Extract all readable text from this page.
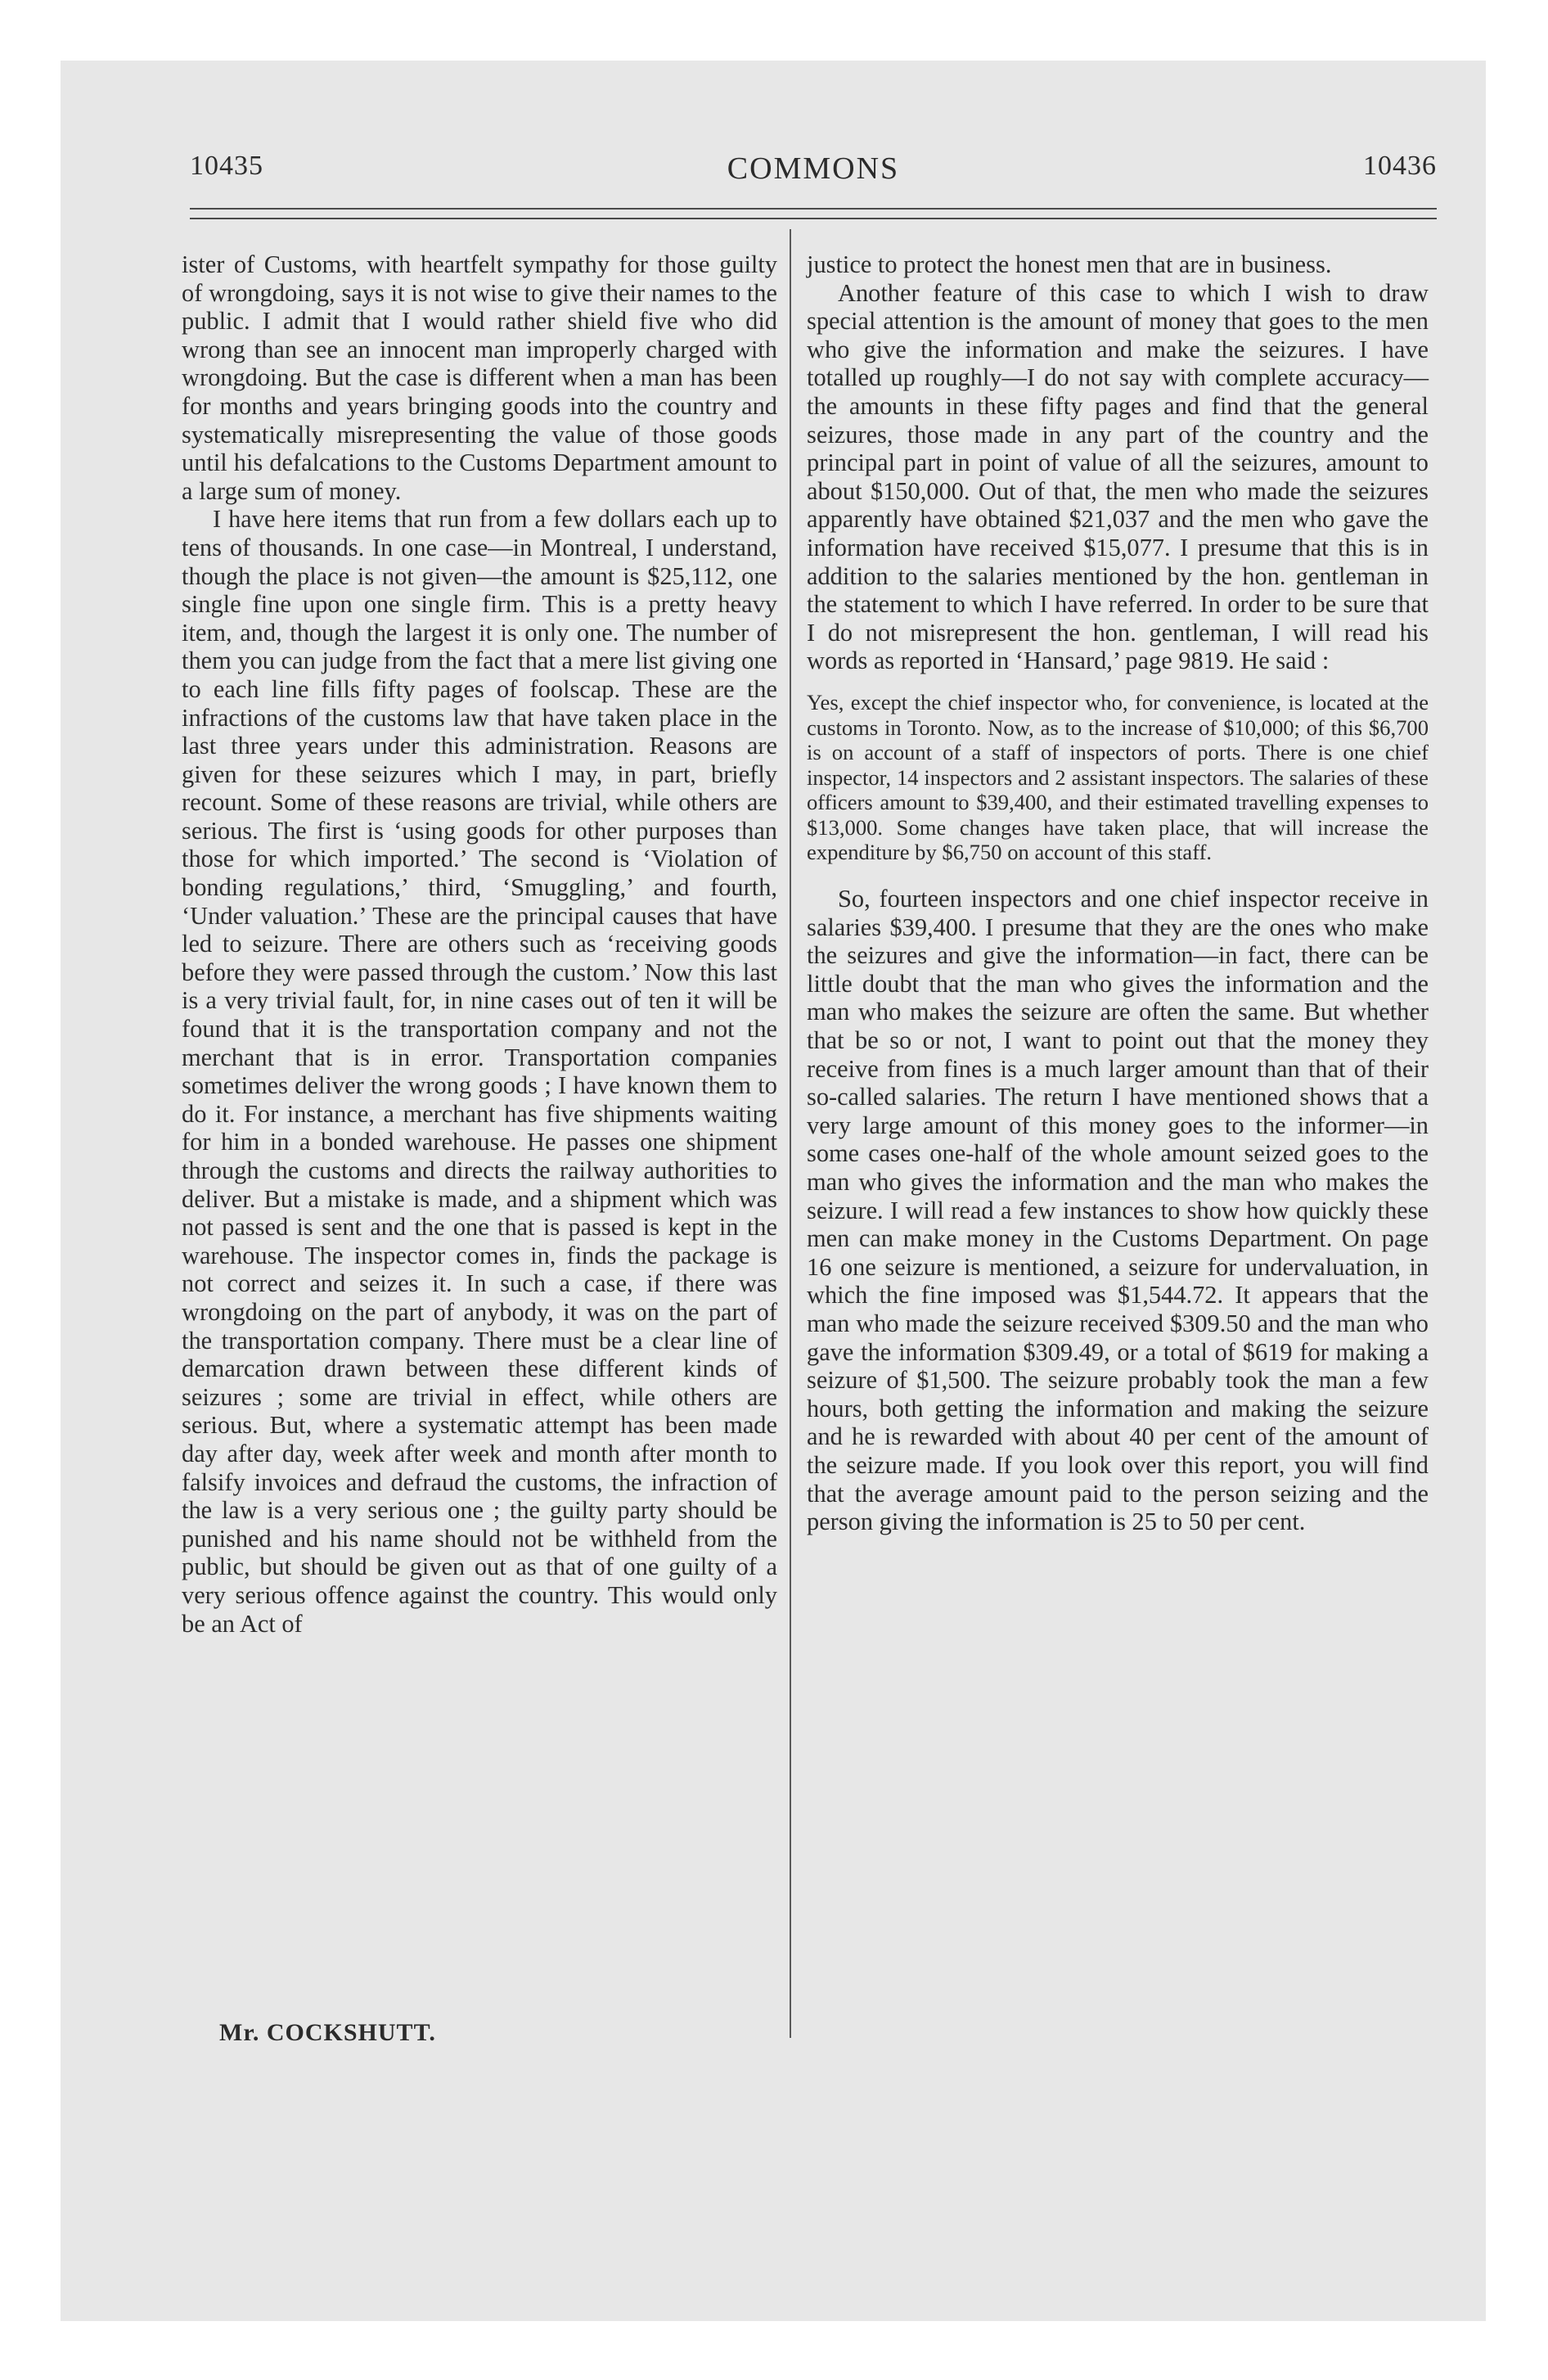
10435	COMMONS	10436

ister of Customs, with heartfelt sympathy for those guilty of wrongdoing, says it is not wise to give their names to the public. I admit that I would rather shield five who did wrong than see an innocent man improperly charged with wrongdoing. But the case is different when a man has been for months and years bringing goods into the country and systematically misrepresenting the value of those goods until his defalcations to the Customs Department amount to a large sum of money.

I have here items that run from a few dollars each up to tens of thousands. In one case—in Montreal, I understand, though the place is not given—the amount is $25,112, one single fine upon one single firm. This is a pretty heavy item, and, though the largest it is only one. The number of them you can judge from the fact that a mere list giving one to each line fills fifty pages of foolscap. These are the infractions of the customs law that have taken place in the last three years under this administration. Reasons are given for these seizures which I may, in part, briefly recount. Some of these reasons are trivial, while others are serious. The first is ‘using goods for other purposes than those for which imported.’ The second is ‘Violation of bonding regulations,’ third, ‘Smuggling,’ and fourth, ‘Under valuation.’ These are the principal causes that have led to seizure. There are others such as ‘receiving goods before they were passed through the custom.’ Now this last is a very trivial fault, for, in nine cases out of ten it will be found that it is the transportation company and not the merchant that is in error. Transportation companies sometimes deliver the wrong goods ; I have known them to do it. For instance, a merchant has five shipments waiting for him in a bonded warehouse. He passes one shipment through the customs and directs the railway authorities to deliver. But a mistake is made, and a shipment which was not passed is sent and the one that is passed is kept in the warehouse. The inspector comes in, finds the package is not correct and seizes it. In such a case, if there was wrongdoing on the part of anybody, it was on the part of the transportation company. There must be a clear line of demarcation drawn between these different kinds of seizures ; some are trivial in effect, while others are serious. But, where a systematic attempt has been made day after day, week after week and month after month to falsify invoices and defraud the customs, the infraction of the law is a very serious one ; the guilty party should be punished and his name should not be withheld from the public, but should be given out as that of one guilty of a very serious offence against the country. This would only be an Act of

justice to protect the honest men that are in business.

Another feature of this case to which I wish to draw special attention is the amount of money that goes to the men who give the information and make the seizures. I have totalled up roughly—I do not say with complete accuracy—the amounts in these fifty pages and find that the general seizures, those made in any part of the country and the principal part in point of value of all the seizures, amount to about $150,000. Out of that, the men who made the seizures apparently have obtained $21,037 and the men who gave the information have received $15,077. I presume that this is in addition to the salaries mentioned by the hon. gentleman in the statement to which I have referred. In order to be sure that I do not misrepresent the hon. gentleman, I will read his words as reported in ‘Hansard,’ page 9819. He said :

Yes, except the chief inspector who, for convenience, is located at the customs in Toronto. Now, as to the increase of $10,000; of this $6,700 is on account of a staff of inspectors of ports. There is one chief inspector, 14 inspectors and 2 assistant inspectors. The salaries of these officers amount to $39,400, and their estimated travelling expenses to $13,000. Some changes have taken place, that will increase the expenditure by $6,750 on account of this staff.

So, fourteen inspectors and one chief inspector receive in salaries $39,400. I presume that they are the ones who make the seizures and give the information—in fact, there can be little doubt that the man who gives the information and the man who makes the seizure are often the same. But whether that be so or not, I want to point out that the money they receive from fines is a much larger amount than that of their so-called salaries. The return I have mentioned shows that a very large amount of this money goes to the informer—in some cases one-half of the whole amount seized goes to the man who gives the information and the man who makes the seizure. I will read a few instances to show how quickly these men can make money in the Customs Department. On page 16 one seizure is mentioned, a seizure for undervaluation, in which the fine imposed was $1,544.72. It appears that the man who made the seizure received $309.50 and the man who gave the information $309.49, or a total of $619 for making a seizure of $1,500. The seizure probably took the man a few hours, both getting the information and making the seizure and he is rewarded with about 40 per cent of the amount of the seizure made. If you look over this report, you will find that the average amount paid to the person seizing and the person giving the information is 25 to 50 per cent.

Mr. COCKSHUTT.
